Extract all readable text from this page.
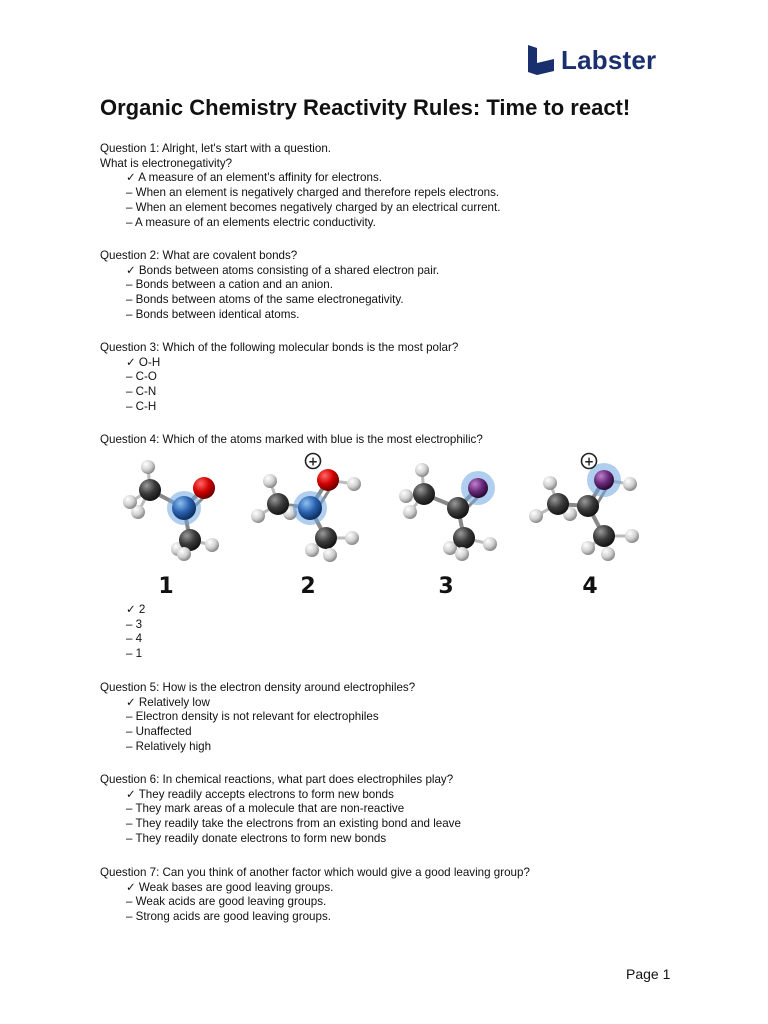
Labster
Organic Chemistry Reactivity Rules: Time to react!
Question 1: Alright, let's start with a question.
What is electronegativity?
✓ A measure of an element's affinity for electrons.
– When an element is negatively charged and therefore repels electrons.
– When an element becomes negatively charged by an electrical current.
– A measure of an elements electric conductivity.
Question 2: What are covalent bonds?
✓ Bonds between atoms consisting of a shared electron pair.
– Bonds between a cation and an anion.
– Bonds between atoms of the same electronegativity.
– Bonds between identical atoms.
Question 3: Which of the following molecular bonds is the most polar?
✓ O-H
– C-O
– C-N
– C-H
Question 4: Which of the atoms marked with blue is the most electrophilic?
+	+
1	2	3	4
✓ 2
– 3
– 4
– 1
Question 5: How is the electron density around electrophiles?
✓ Relatively low
– Electron density is not relevant for electrophiles
– Unaffected
– Relatively high
Question 6: In chemical reactions, what part does electrophiles play?
✓ They readily accepts electrons to form new bonds
– They mark areas of a molecule that are non-reactive
– They readily take the electrons from an existing bond and leave
– They readily donate electrons to form new bonds
Question 7: Can you think of another factor which would give a good leaving group?
✓ Weak bases are good leaving groups.
– Weak acids are good leaving groups.
– Strong acids are good leaving groups.
Page 1
